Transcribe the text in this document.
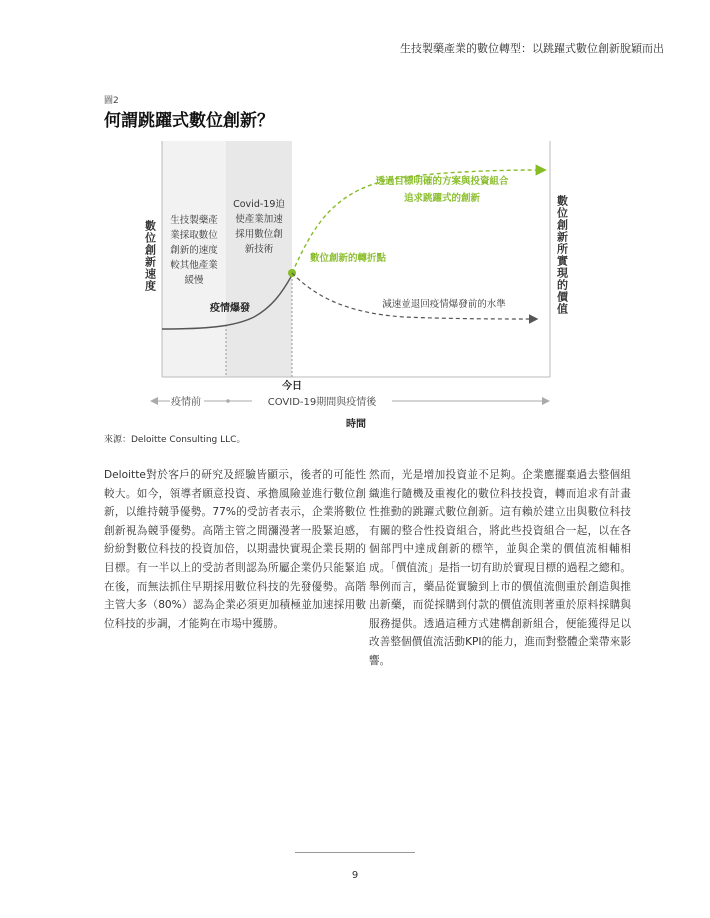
生技製藥產業的數位轉型：以跳躍式數位創新脫穎而出
圖2
何謂跳躍式數位創新？
數位創新速度	數位創新所實現的價值
生技製藥產
業採取數位
創新的速度
較其他產業
緩慢
Covid-19迫
使產業加速
採用數位創
新技術
疫情爆發
透過目標明確的方案與投資組合
追求跳躍式的創新
數位創新的轉折點
減速並退回疫情爆發前的水準
今日
疫情前	COVID-19期間與疫情後
時間
來源：Deloitte Consulting LLC。

Deloitte對於客戶的研究及經驗皆顯示，後者的可能性較大。如今，領導者願意投資、承擔風險並進行數位創新，以維持競爭優勢。77%的受訪者表示，企業將數位創新視為競爭優勢。高階主管之間瀰漫著一股緊迫感，紛紛對數位科技的投資加倍，以期盡快實現企業長期的目標。有一半以上的受訪者則認為所屬企業仍只能緊追在後，而無法抓住早期採用數位科技的先發優勢。高階主管大多（80%）認為企業必須更加積極並加速採用數位科技的步調，才能夠在市場中獲勝。

然而，光是增加投資並不足夠。企業應擺棄過去整個組織進行隨機及重複化的數位科技投資，轉而追求有計畫性推動的跳躍式數位創新。這有賴於建立出與數位科技有關的整合性投資組合，將此些投資組合一起，以在各個部門中達成創新的標竿，並與企業的價值流相輔相成。「價值流」是指一切有助於實現目標的過程之總和。舉例而言，藥品從實驗到上市的價值流側重於創造與推出新藥，而從採購到付款的價值流則著重於原料採購與服務提供。透過這種方式建構創新組合，便能獲得足以改善整個價值流活動KPI的能力，進而對整體企業帶來影響。

9
